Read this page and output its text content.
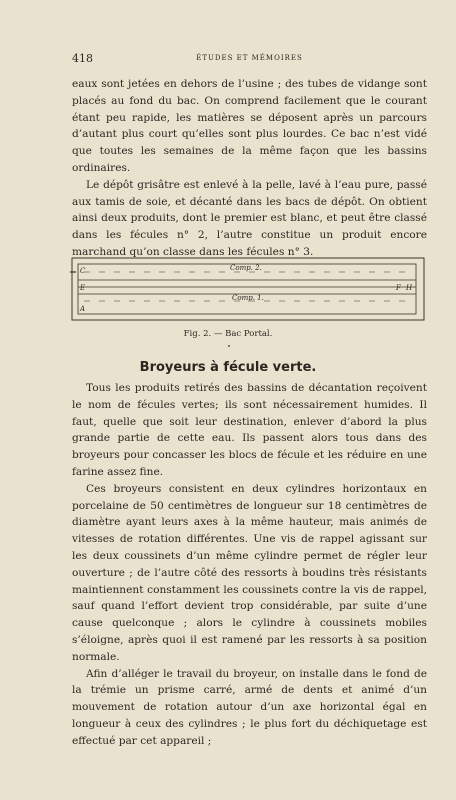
418	ÉTUDES ET MÉMOIRES

eaux sont jetées en dehors de l’usine ; des tubes de vidange sont placés au fond du bac. On comprend facilement que le courant étant peu rapide, les matières se déposent après un parcours d’autant plus court qu’elles sont plus lourdes. Ce bac n’est vidé que toutes les semaines de la même façon que les bassins ordinaires.

Le dépôt grisâtre est enlevé à la pelle, lavé à l’eau pure, passé aux tamis de soie, et décanté dans les bacs de dépôt. On obtient ainsi deux produits, dont le premier est blanc, et peut être classé dans les fécules n° 2, l’autre constitue un produit encore marchand qu’on classe dans les fécules n° 3.

C
E
A
F H
Comp. 2.
Comp. 1.
Fig. 2. — Bac Portal.
Broyeurs à fécule verte.

Tous les produits retirés des bassins de décantation reçoivent le nom de fécules vertes; ils sont nécessairement humides. Il faut, quelle que soit leur destination, enlever d’abord la plus grande partie de cette eau. Ils passent alors tous dans des broyeurs pour concasser les blocs de fécule et les réduire en une farine assez fine.

Ces broyeurs consistent en deux cylindres horizontaux en porcelaine de 50 centimètres de longueur sur 18 centimètres de diamètre ayant leurs axes à la même hauteur, mais animés de vitesses de rotation différentes. Une vis de rappel agissant sur les deux coussinets d’un même cylindre permet de régler leur ouverture ; de l’autre côté des ressorts à boudins très résistants maintiennent constamment les coussinets contre la vis de rappel, sauf quand l’effort devient trop considérable, par suite d’une cause quelconque ; alors le cylindre à coussinets mobiles s’éloigne, après quoi il est ramené par les ressorts à sa position normale.

Afin d’alléger le travail du broyeur, on installe dans le fond de la trémie un prisme carré, armé de dents et animé d’un mouvement de rotation autour d’un axe horizontal égal en longueur à ceux des cylindres ; le plus fort du déchiquetage est effectué par cet appareil ;
